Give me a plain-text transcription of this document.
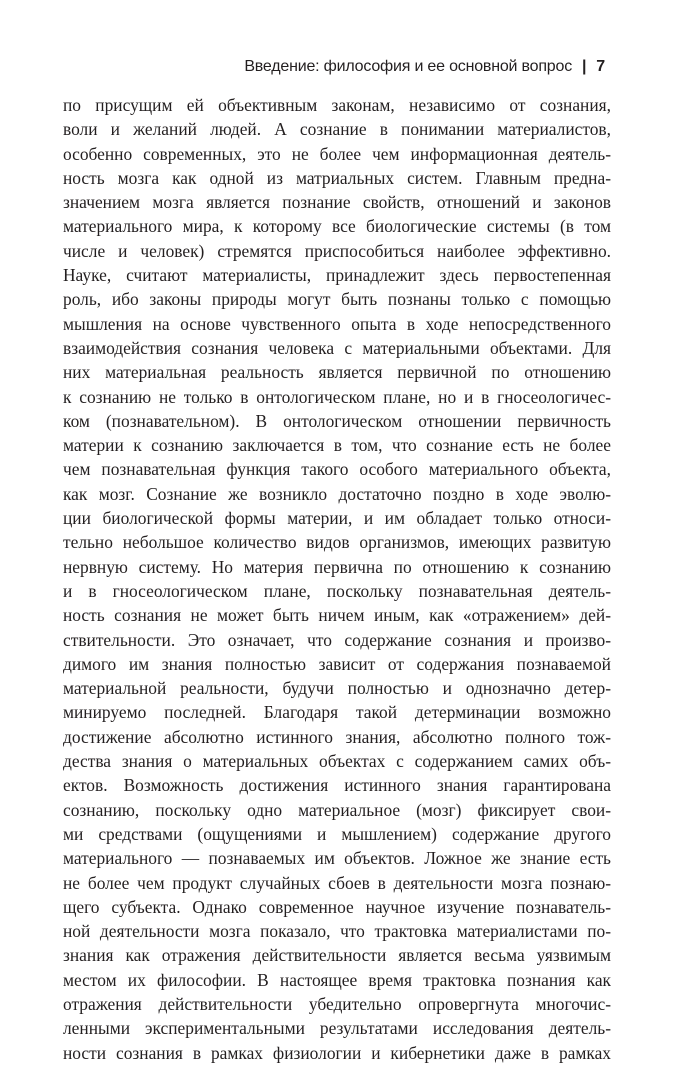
Введение: философия и ее основной вопрос | 7
по присущим ей объективным законам, независимо от сознания,
воли и желаний людей. А сознание в понимании материалистов,
особенно современных, это не более чем информационная деятель-
ность мозга как одной из матриальных систем. Главным предна-
значением мозга является познание свойств, отношений и законов
материального мира, к которому все биологические системы (в том
числе и человек) стремятся приспособиться наиболее эффективно.
Науке, считают материалисты, принадлежит здесь первостепенная
роль, ибо законы природы могут быть познаны только с помощью
мышления на основе чувственного опыта в ходе непосредственного
взаимодействия сознания человека с материальными объектами. Для
них материальная реальность является первичной по отношению
к сознанию не только в онтологическом плане, но и в гносеологичес-
ком (познавательном). В онтологическом отношении первичность
материи к сознанию заключается в том, что сознание есть не более
чем познавательная функция такого особого материального объекта,
как мозг. Сознание же возникло достаточно поздно в ходе эволю-
ции биологической формы материи, и им обладает только относи-
тельно небольшое количество видов организмов, имеющих развитую
нервную систему. Но материя первична по отношению к сознанию
и в гносеологическом плане, поскольку познавательная деятель-
ность сознания не может быть ничем иным, как «отражением» дей-
ствительности. Это означает, что содержание сознания и произво-
димого им знания полностью зависит от содержания познаваемой
материальной реальности, будучи полностью и однозначно детер-
минируемо последней. Благодаря такой детерминации возможно
достижение абсолютно истинного знания, абсолютно полного тож-
дества знания о материальных объектах с содержанием самих объ-
ектов. Возможность достижения истинного знания гарантирована
сознанию, поскольку одно материальное (мозг) фиксирует свои-
ми средствами (ощущениями и мышлением) содержание другого
материального — познаваемых им объектов. Ложное же знание есть
не более чем продукт случайных сбоев в деятельности мозга познаю-
щего субъекта. Однако современное научное изучение познаватель-
ной деятельности мозга показало, что трактовка материалистами по-
знания как отражения действительности является весьма уязвимым
местом их философии. В настоящее время трактовка познания как
отражения действительности убедительно опровергнута многочис-
ленными экспериментальными результатами исследования деятель-
ности сознания в рамках физиологии и кибернетики даже в рамках
